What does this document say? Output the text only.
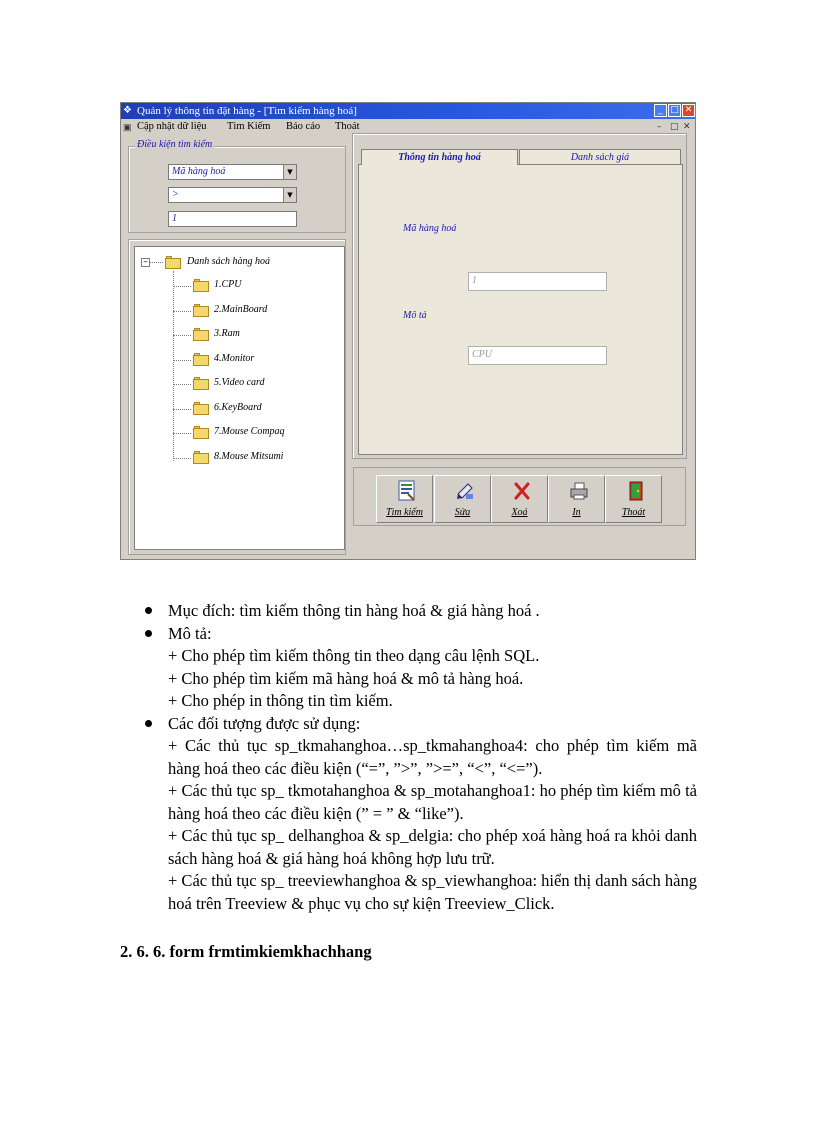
❖ Quản lý thông tin đặt hàng - [Tìm kiếm hàng hoá]	_ □ ✕
▣ Cập nhật dữ liệu Tìm Kiếm Báo cáo Thoát	– □ ✕
Điều kiện tìm kiếm
Mã hàng hoá	▼
>	▼
1
–	Danh sách hàng hoá
1.CPU
2.MainBoard
3.Ram
4.Monitor
5.Video card
6.KeyBoard
7.Mouse Compaq
8.Mouse Mitsumi
Thông tin hàng hoá	Danh sách giá
Mã hàng hoá
1
Mô tả
CPU
Tìm kiếm	Sửa	Xoá	In	Thoát
Mục đích: tìm kiếm thông tin hàng hoá & giá hàng hoá .
Mô tả:
+ Cho phép tìm kiếm thông tin theo dạng câu lệnh SQL.
+ Cho phép tìm kiếm mã hàng hoá & mô tả hàng hoá.
+ Cho phép in thông tin tìm kiếm.
Các đối tượng được sử dụng:
+ Các thủ tục sp_tkmahanghoa…sp_tkmahanghoa4: cho phép tìm kiếm mã hàng hoá theo các điều kiện (“=”, ”>”, ”>=”, “<”, “<=”).
+ Các thủ tục sp_ tkmotahanghoa & sp_motahanghoa1: ho phép tìm kiếm mô tả hàng hoá theo các điều kiện (” = ” & “like”).
+ Các thủ tục sp_ delhanghoa & sp_delgia: cho phép xoá hàng hoá ra khỏi danh sách hàng hoá & giá hàng hoá không hợp lưu trữ.
+ Các thủ tục sp_ treeviewhanghoa & sp_viewhanghoa: hiển thị danh sách hàng hoá trên Treeview & phục vụ cho sự kiện Treeview_Click.
2. 6. 6. form frmtimkiemkhachhang
